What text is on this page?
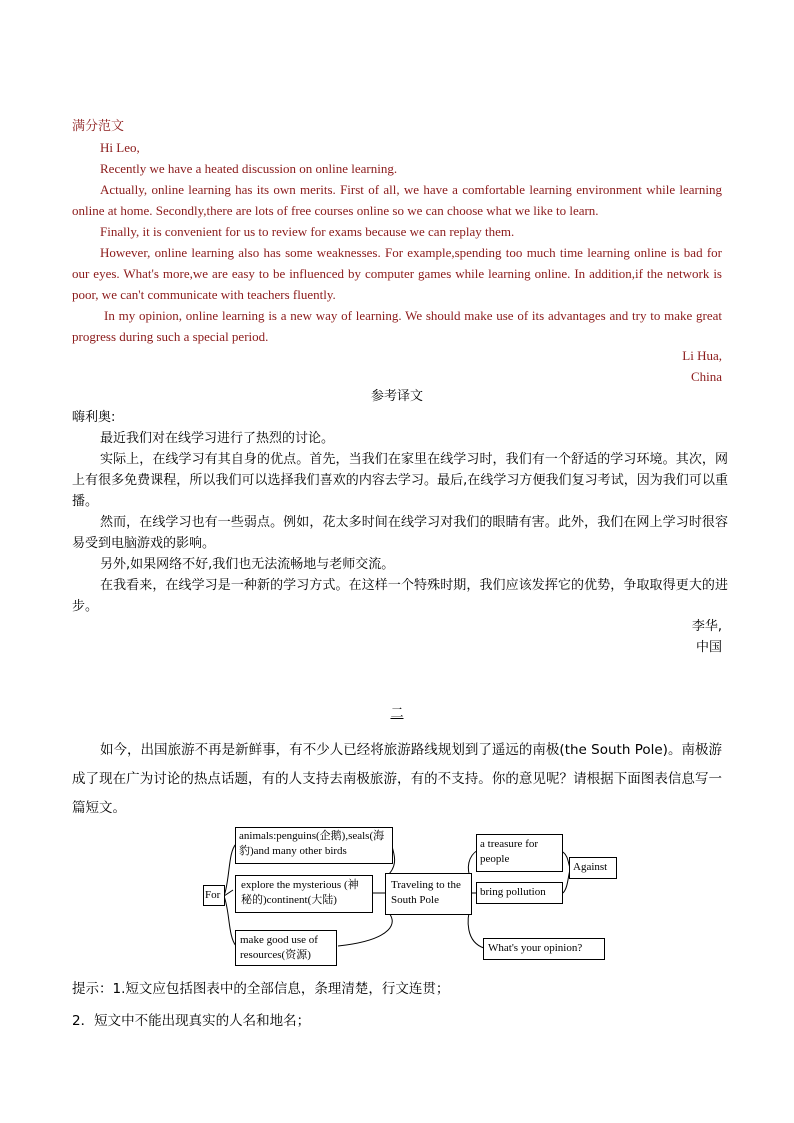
满分范文
Hi Leo,
Recently we have a heated discussion on online learning.
Actually, online learning has its own merits. First of all, we have a comfortable learning environment while learning online at home. Secondly,there are lots of free courses online so we can choose what we like to learn.
Finally, it is convenient for us to review for exams because we can replay them.
However, online learning also has some weaknesses. For example,spending too much time learning online is bad for our eyes. What's more,we are easy to be influenced by computer games while learning online. In addition,if the network is poor, we can't communicate with teachers fluently.
In my opinion, online learning is a new way of learning. We should make use of its advantages and try to make great progress during such a special period.
Li Hua,
China
参考译文
嗨利奥:
最近我们对在线学习进行了热烈的讨论。
实际上，在线学习有其自身的优点。首先，当我们在家里在线学习时，我们有一个舒适的学习环境。其次，网上有很多免费课程，所以我们可以选择我们喜欢的内容去学习。最后,在线学习方便我们复习考试，因为我们可以重播。
然而，在线学习也有一些弱点。例如，花太多时间在线学习对我们的眼睛有害。此外，我们在网上学习时很容易受到电脑游戏的影响。
另外,如果网络不好,我们也无法流畅地与老师交流。
在我看来，在线学习是一种新的学习方式。在这样一个特殊时期，我们应该发挥它的优势，争取取得更大的进步。
李华,
中国
二
如今，出国旅游不再是新鲜事，有不少人已经将旅游路线规划到了遥远的南极(the South Pole)。南极游成了现在广为讨论的热点话题，有的人支持去南极旅游，有的不支持。你的意见呢？请根据下面图表信息写一篇短文。
For
animals:penguins(企鹅),seals(海豹)and many other birds
explore the mysterious (神秘的)continent(大陆)
make good use of resources(资源)
Traveling to the South Pole
a treasure for people
bring pollution
Against
What's your opinion?
提示：1.短文应包括图表中的全部信息，条理清楚，行文连贯；
2．短文中不能出现真实的人名和地名；
